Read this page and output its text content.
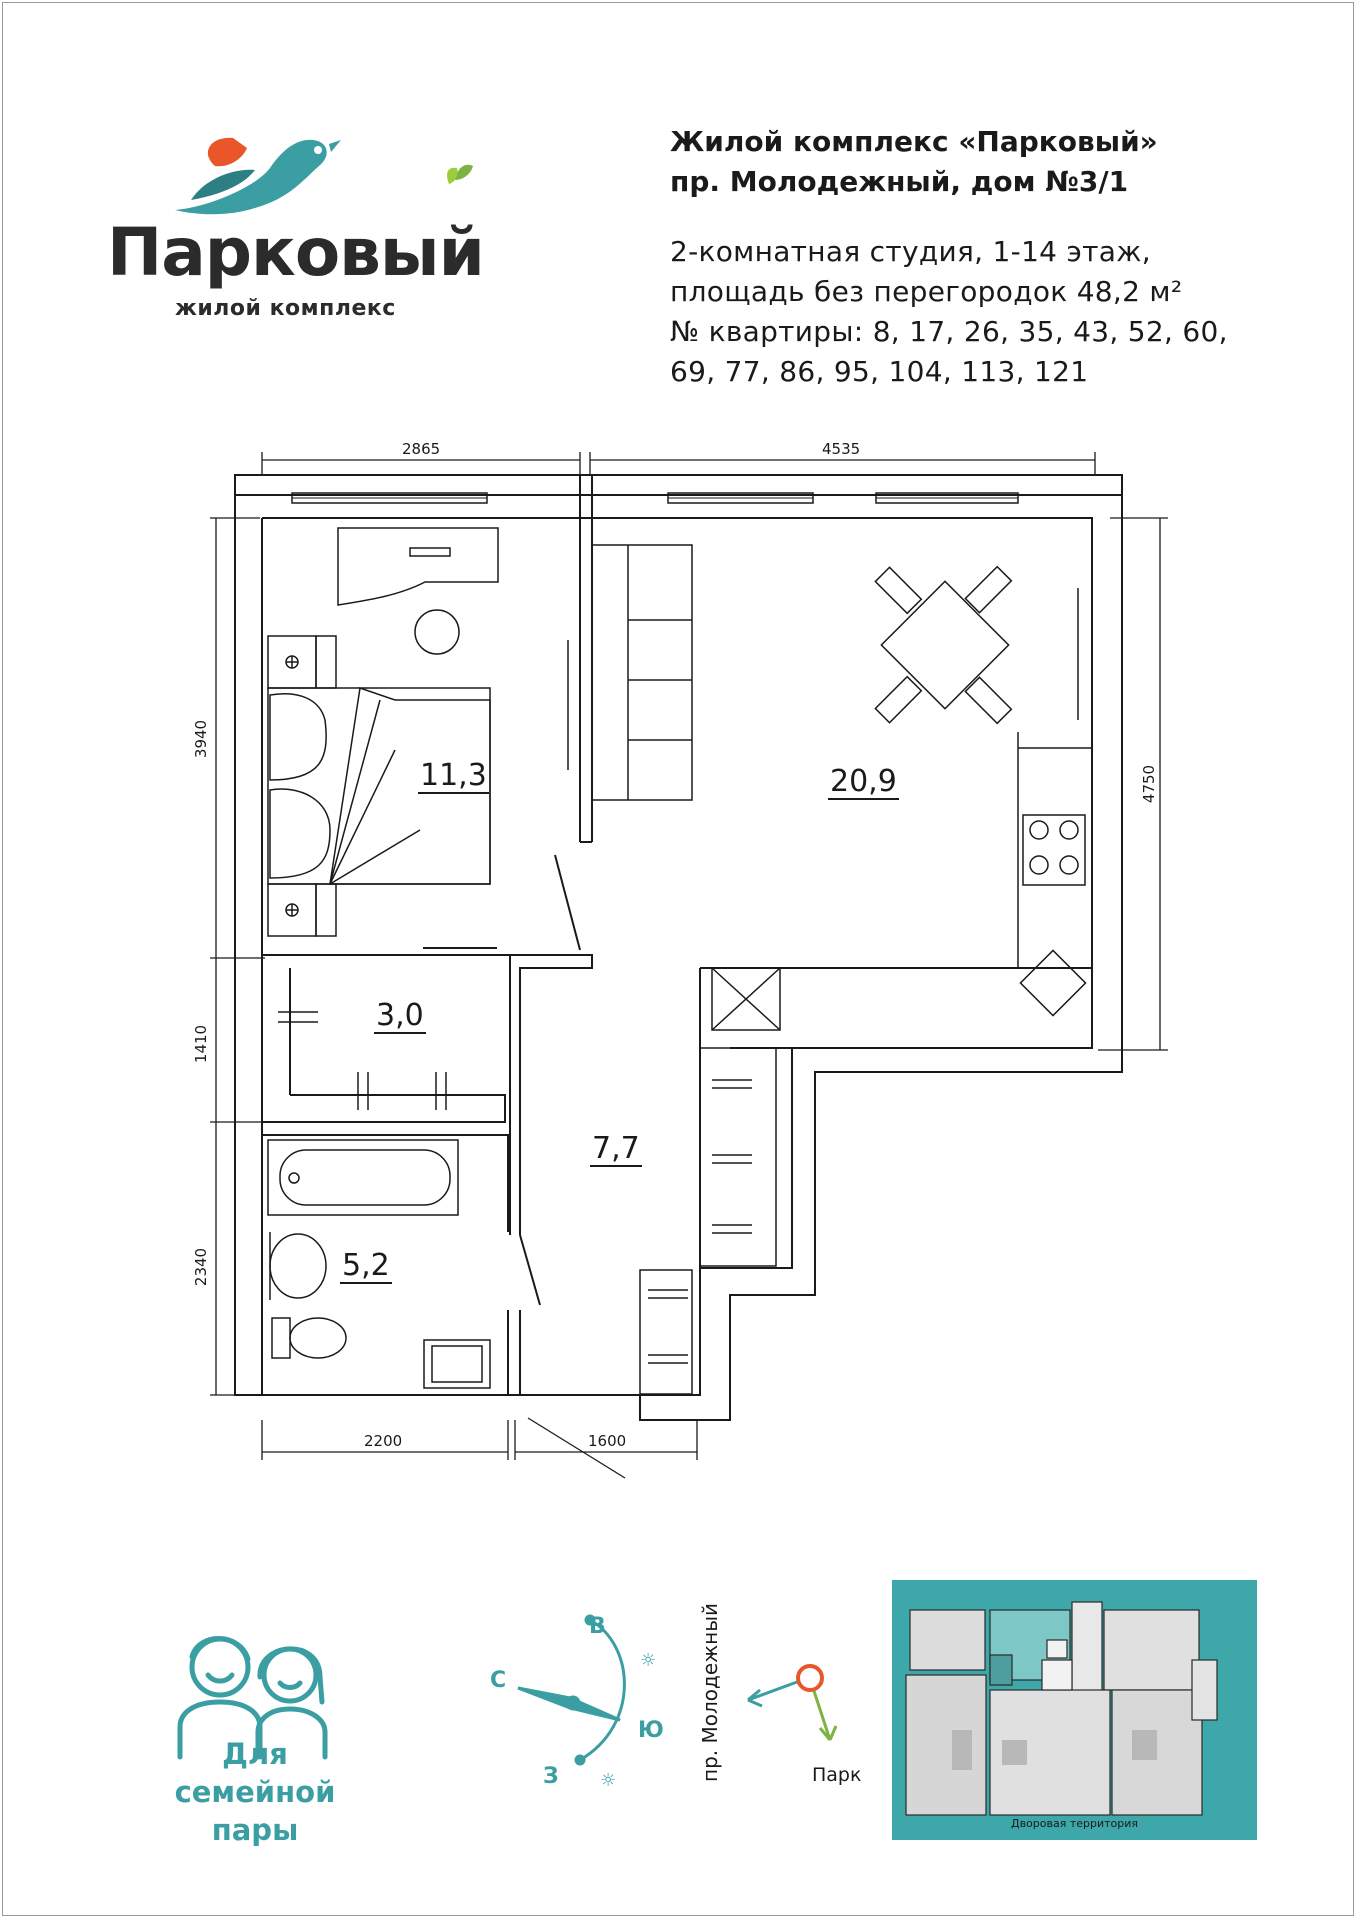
Парковый
жилой комплекс
Жилой комплекс «Парковый»
пр. Молодежный, дом №3/1
2-комнатная студия, 1-14 этаж,
площадь без перегородок 48,2 м²
№ квартиры: 8, 17, 26, 35, 43, 52, 60,
69, 77, 86, 95, 104, 113, 121
2865	4535
3940
1410
2340
4750
2200	1600
11,3	20,9
3,0
7,7
5,2
Для семейной
пары
В
С
Ю
З
☼
☼	пр. Молодежный	Парк
Дворовая территория
